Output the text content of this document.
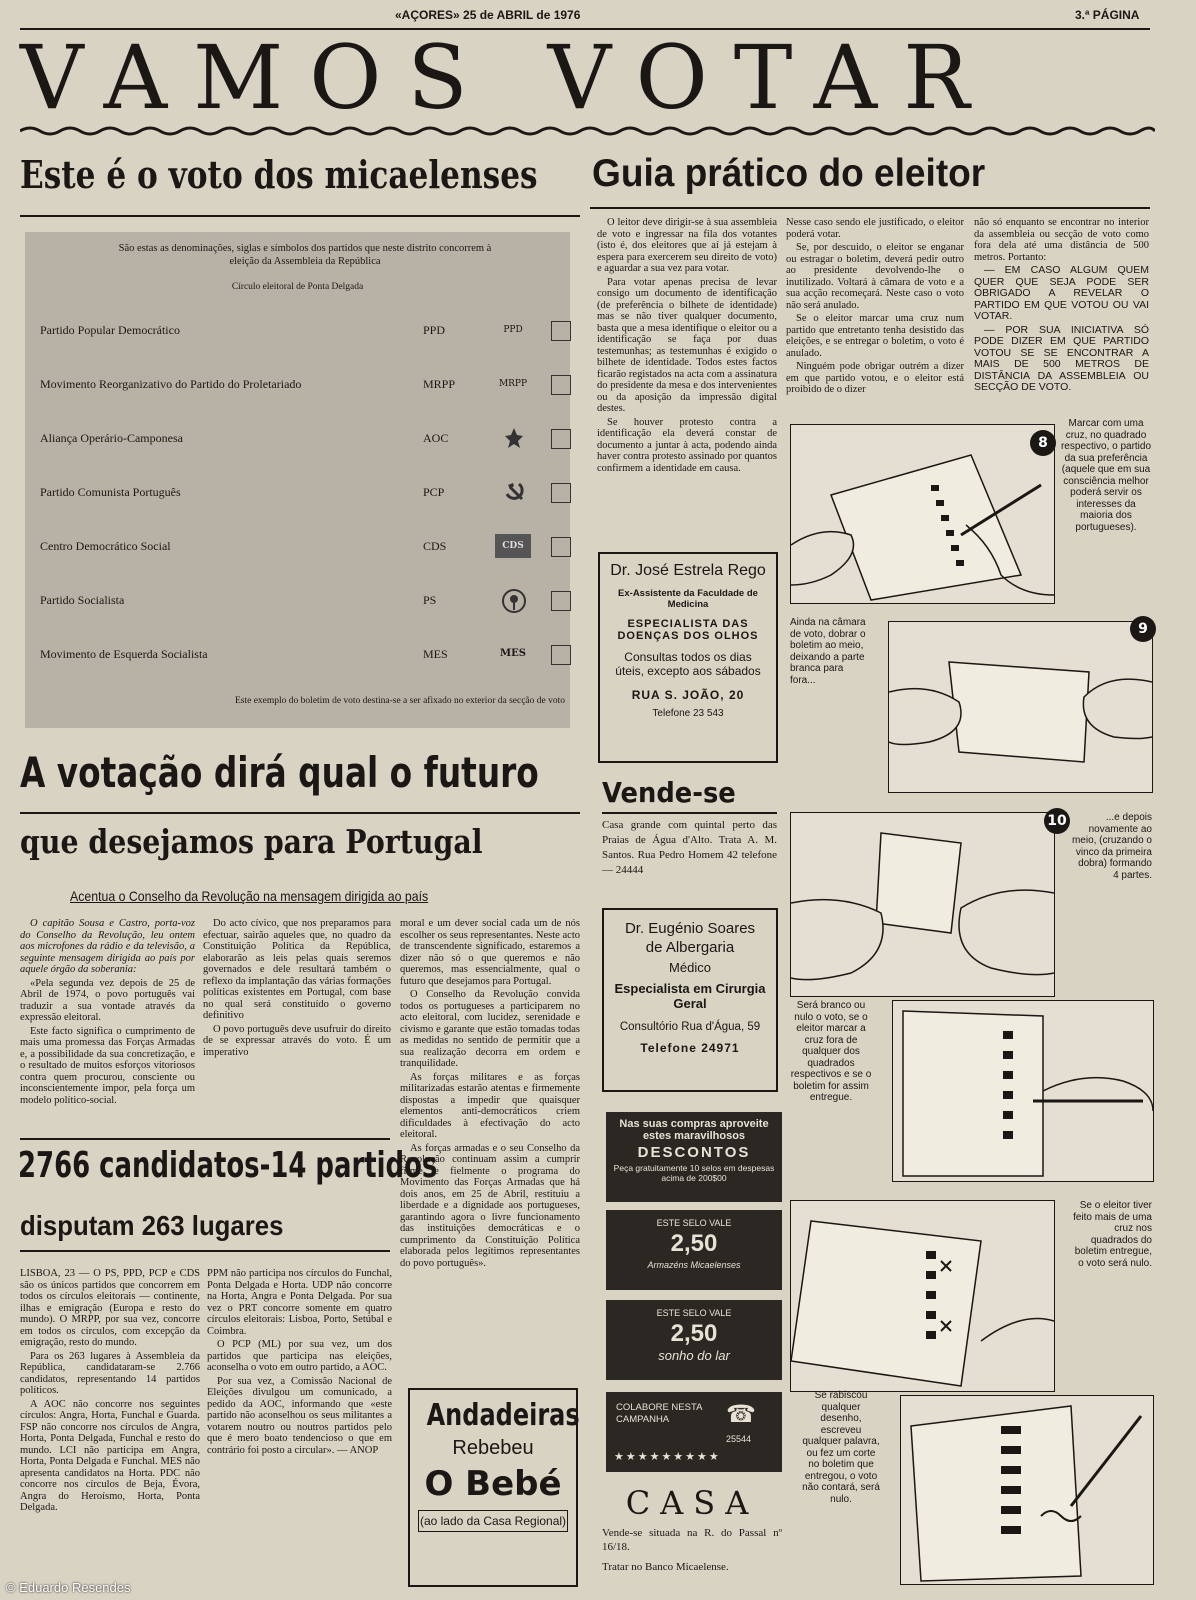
«AÇORES» 25 de ABRIL de 1976	3.ª PÁGINA
VAMOS VOTAR
Este é o voto dos micaelenses
São estas as denominações, siglas e símbolos dos partidos que neste distrito concorrem à eleição da Assembleia da República
Círculo eleitoral de Ponta Delgada
Partido Popular Democrático	PPD	PPD
Movimento Reorganizativo do Partido do Proletariado	MRPP	MRPP
Aliança Operário-Camponesa	AOC
Partido Comunista Português	PCP
Centro Democrático Social	CDS	CDS
Partido Socialista	PS
Movimento de Esquerda Socialista	MES	MES
Este exemplo do boletim de voto destina-se a ser afixado no exterior da secção de voto
A votação dirá qual o futuro
que desejamos para Portugal
Acentua o Conselho da Revolução na mensagem dirigida ao país

O capitão Sousa e Castro, porta-voz do Conselho da Revolução, leu ontem aos microfones da rádio e da televisão, a seguinte mensagem dirigida ao país por aquele órgão da soberania:

«Pela segunda vez depois de 25 de Abril de 1974, o povo português vai traduzir a sua vontade através da expressão eleitoral.

Este facto significa o cumprimento de mais uma promessa das Forças Armadas e, a possibilidade da sua concretização, e o resultado de muitos esforços vitoriosos contra quem procurou, consciente ou inconscientemente impor, pela força um modelo político-social.

Do acto cívico, que nos preparamos para efectuar, sairão aqueles que, no quadro da Constituição Política da República, elaborarão as leis pelas quais seremos governados e dele resultará também o reflexo da implantação das várias formações políticas existentes em Portugal, com base no qual será constituído o governo definitivo

O povo português deve usufruir do direito de se expressar através do voto. É um imperativo

moral e um dever social cada um de nós escolher os seus representantes. Neste acto de transcendente significado, estaremos a dizer não só o que queremos e não queremos, mas essencialmente, qual o futuro que desejamos para Portugal.

O Conselho da Revolução convida todos os portugueses a participarem no acto eleitoral, com lucidez, serenidade e civismo e garante que estão tomadas todas as medidas no sentido de permitir que a sua realização decorra em ordem e tranquilidade.

As forças militares e as forças militarizadas estarão atentas e firmemente dispostas a impedir que quaisquer elementos anti-democráticos criem dificuldades à efectivação do acto eleitoral.

As forças armadas e o seu Conselho da Revolução continuam assim a cumprir firme e fielmente o programa do Movimento das Forças Armadas que há dois anos, em 25 de Abril, restituiu a liberdade e a dignidade aos portugueses, garantindo agora o livre funcionamento das instituições democráticas e o cumprimento da Constituição Política elaborada pelos legítimos representantes do povo português».

2766 candidatos-14 partidos
disputam 263 lugares

LISBOA, 23 — O PS, PPD, PCP e CDS são os únicos partidos que concorrem em todos os círculos eleitorais — continente, ilhas e emigração (Europa e resto do mundo). O MRPP, por sua vez, concorre em todos os círculos, com excepção da emigração, resto do mundo.

Para os 263 lugares à Assembleia da República, candidataram-se 2.766 candidatos, representando 14 partidos políticos.

A AOC não concorre nos seguintes círculos: Angra, Horta, Funchal e Guarda. FSP não concorre nos círculos de Angra, Horta, Ponta Delgada, Funchal e resto do mundo. LCI não participa em Angra, Horta, Ponta Delgada e Funchal. MES não apresenta candidatos na Horta. PDC não concorre nos círculos de Beja, Évora, Angra do Heroísmo, Horta, Ponta Delgada.

PPM não participa nos círculos do Funchal, Ponta Delgada e Horta. UDP não concorre na Horta, Angra e Ponta Delgada. Por sua vez o PRT concorre somente em quatro círculos eleitorais: Lisboa, Porto, Setúbal e Coimbra.

O PCP (ML) por sua vez, um dos partidos que participa nas eleições, aconselha o voto em outro partido, a AOC.

Por sua vez, a Comissão Nacional de Eleições divulgou um comunicado, a pedido da AOC, informando que «este partido não aconselhou os seus militantes a votarem noutro ou noutros partidos pelo que é mero boato tendencioso o que em contrário foi posto a circular». — ANOP

Andadeiras
Rebebeu
O Bebé
(ao lado da Casa Regional)
Guia prático do eleitor

O leitor deve dirigir-se à sua assembleia de voto e ingressar na fila dos votantes (isto é, dos eleitores que aí já estejam à espera para exercerem seu direito de voto) e aguardar a sua vez para votar.

Para votar apenas precisa de levar consigo um documento de identificação (de preferência o bilhete de identidade) mas se não tiver qualquer documento, basta que a mesa identifique o eleitor ou a identificação se faça por duas testemunhas; as testemunhas é exigido o bilhete de identidade. Todos estes factos ficarão registados na acta com a assinatura do presidente da mesa e dos intervenientes ou da aposição da impressão digital destes.

Se houver protesto contra a identificação ela deverá constar de documento a juntar à acta, podendo ainda haver contra protesto assinado por quantos confirmem a identidade em causa.

Nesse caso sendo ele justificado, o eleitor poderá votar.

Se, por descuido, o eleitor se enganar ou estragar o boletim, deverá pedir outro ao presidente devolvendo-lhe o inutilizado. Voltará à câmara de voto e a sua acção recomeçará. Neste caso o voto não será anulado.

Se o eleitor marcar uma cruz num partido que entretanto tenha desistido das eleições, e se entregar o boletim, o voto é anulado.

Ninguém pode obrigar outrém a dizer em que partido votou, e o eleitor está proibido de o dizer

não só enquanto se encontrar no interior da assembleia ou secção de voto como fora dela até uma distância de 500 metros. Portanto:

— EM CASO ALGUM QUEM QUER QUE SEJA PODE SER OBRIGADO A REVELAR O PARTIDO EM QUE VOTOU OU VAI VOTAR.

— POR SUA INICIATIVA SÓ PODE DIZER EM QUE PARTIDO VOTOU SE SE ENCONTRAR A MAIS DE 500 METROS DE DISTÂNCIA DA ASSEMBLEIA OU SECÇÃO DE VOTO.

8
Marcar com uma cruz, no quadrado respectivo, o partido da sua preferência (aquele que em sua consciência melhor poderá servir os interesses da maioria dos portugueses).
Ainda na câmara de voto, dobrar o boletim ao meio, deixando a parte branca para fora...
9
10	...e depois novamente ao meio, (cruzando o vinco da primeira dobra) formando 4 partes.
Será branco ou nulo o voto, se o eleitor marcar a cruz fora de qualquer dos quadrados respectivos e se o boletim for assim entregue.
Se o eleitor tiver feito mais de uma cruz nos quadrados do boletim entregue, o voto será nulo.
Se rabiscou qualquer desenho, escreveu qualquer palavra, ou fez um corte no boletim que entregou, o voto não contará, será nulo.
Dr. José Estrela Rego
Ex-Assistente da Faculdade de Medicina
ESPECIALISTA DAS DOENÇAS DOS OLHOS
Consultas todos os dias úteis, excepto aos sábados
RUA S. JOÃO, 20
Telefone 23 543
Vende-se
Casa grande com quintal perto das Praias de Água d'Alto. Trata A. M. Santos. Rua Pedro Homem 42 telefone — 24444
Dr. Eugénio Soares
de Albergaria
Médico
Especialista em Cirurgia Geral
Consultório Rua d'Água, 59
Telefone 24971
Nas suas compras aproveite estes maravilhosos
DESCONTOS
Peça gratuitamente 10 selos em despesas acima de 200$00
ESTE SELO VALE
2,50
Armazéns Micaelenses
ESTE SELO VALE
2,50
sonho do lar
COLABORE NESTA CAMPANHA	☎
25544
★★★★★★★★★
CASA
Vende-se situada na R. do Passal nº 16/18.
Tratar no Banco Micaelense.
© Eduardo Resendes
